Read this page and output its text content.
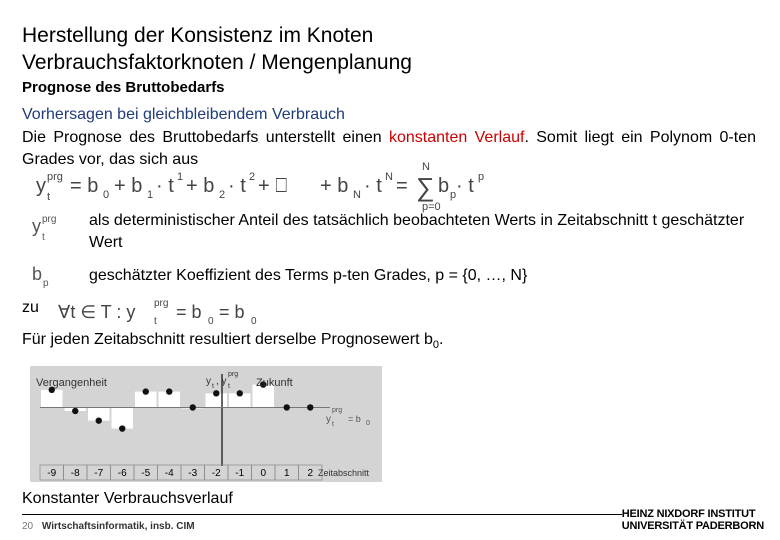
Herstellung der Konsistenz im Knoten
Verbrauchsfaktorknoten / Mengenplanung
Prognose des Bruttobedarfs
Vorhersagen bei gleichbleibendem Verbrauch
Die Prognose des Bruttobedarfs unterstellt einen konstanten Verlauf. Somit liegt ein Polynom 0-ten Grades vor, das sich aus
y prg
t = b 0 + b 1 · t 1 + b 2 · t 2 + ⎕ + b N · t N =
N
∑
p=0
b p · t p
y prg
t
als deterministischer Anteil des tatsächlich beobachteten Werts in Zeitabschnitt t geschätzter Wert
b p	geschätzter Koeffizient des Terms p-ten Grades, p = {0, …, N}
zu ∀t ∈ T : y prg
t = b 0 = b 0
Für jeden Zeitabschnitt resultiert derselbe Prognosewert $b_0$.
Vergangenheit	Zukunft
y t , y
prg
t
y
prg
t
= b 0
-9 -8 -7 -6 -5 -4 -3 -2 -1 0 1 2 Zeitabschnitt
Konstanter Verbrauchsverlauf
20 Wirtschaftsinformatik, insb. CIM
HEINZ NIXDORF INSTITUT
UNIVERSITÄT PADERBORN
